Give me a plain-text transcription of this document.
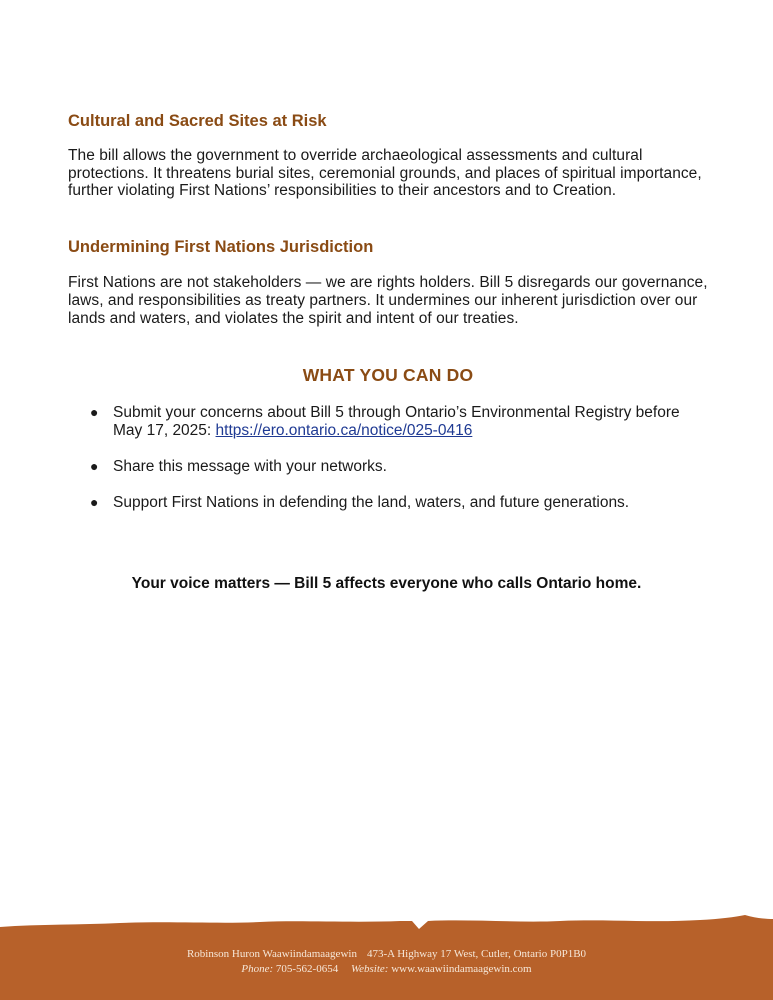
Cultural and Sacred Sites at Risk

The bill allows the government to override archaeological assessments and cultural protections. It threatens burial sites, ceremonial grounds, and places of spiritual importance, further violating First Nations’ responsibilities to their ancestors and to Creation.

Undermining First Nations Jurisdiction

First Nations are not stakeholders — we are rights holders. Bill 5 disregards our governance, laws, and responsibilities as treaty partners. It undermines our inherent jurisdiction over our lands and waters, and violates the spirit and intent of our treaties.

WHAT YOU CAN DO
● Submit your concerns about Bill 5 through Ontario’s Environmental Registry before May 17, 2025: https://ero.ontario.ca/notice/025-0416
● Share this message with your networks.
● Support First Nations in defending the land, waters, and future generations.
Your voice matters — Bill 5 affects everyone who calls Ontario home.
Robinson Huron Waawiindamaagewin 473-A Highway 17 West, Cutler, Ontario P0P1B0
Phone: 705-562-0654 Website: www.waawiindamaagewin.com
